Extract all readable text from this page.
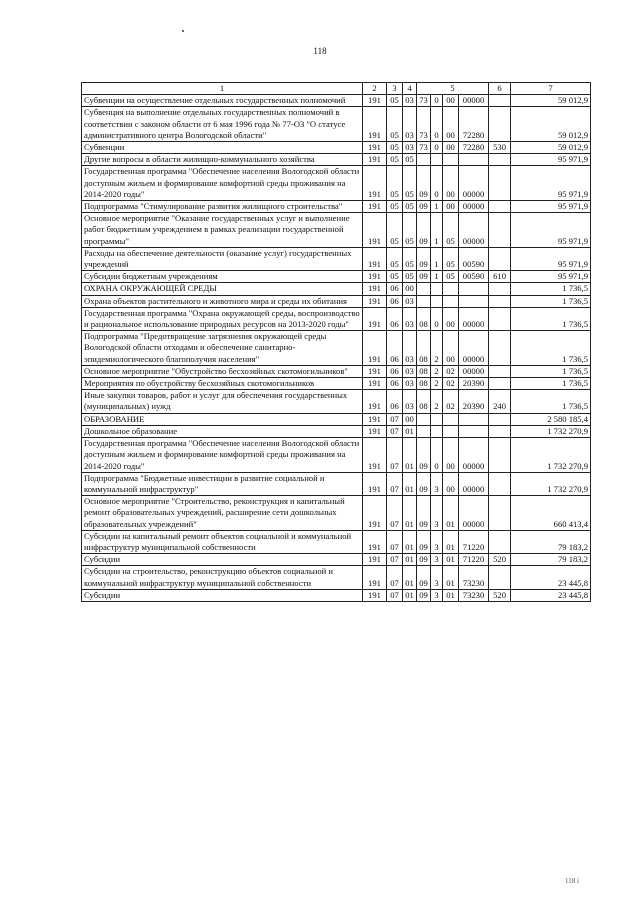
118
1	2	3	4	5				6	7
Субвенции на осуществление отдельных государственных полномочий	191	05	03	73	0	00	00000		59 012,9
Субвенция на выполнение отдельных государственных полномочий в соответствии с законом области от 6 мая 1996 года № 77-ОЗ "О статусе административного центра Вологодской области"	191	05	03	73	0	00	72280		59 012,9
Субвенции	191	05	03	73	0	00	72280	530	59 012,9
Другие вопросы в области жилищно-коммунального хозяйства	191	05	05						95 971,9
Государственная программа "Обеспечение населения Вологодской области доступным жильем и формирование комфортной среды проживания на 2014-2020 годы"	191	05	05	09	0	00	00000		95 971,9
Подпрограмма "Стимулирование развития жилищного строительства"	191	05	05	09	1	00	00000		95 971,9
Основное мероприятие "Оказание государственных услуг и выполнение работ бюджетным учреждением в рамках реализации государственной программы"	191	05	05	09	1	05	00000		95 971,9
Расходы на обеспечение деятельности (оказание услуг) государственных учреждений	191	05	05	09	1	05	00590		95 971,9
Субсидии бюджетным учреждениям	191	05	05	09	1	05	00590	610	95 971,9
ОХРАНА ОКРУЖАЮЩЕЙ СРЕДЫ	191	06	00						1 736,5
Охрана объектов растительного и животного мира и среды их обитания	191	06	03						1 736,5
Государственная программа "Охрана окружающей среды, воспроизводство и рациональное использование природных ресурсов на 2013-2020 годы"	191	06	03	08	0	00	00000		1 736,5
Подпрограмма "Предотвращение загрязнения окружающей среды Вологодской области отходами и обеспечение санитарно-эпидемиологического благополучия населения"	191	06	03	08	2	00	00000		1 736,5
Основное мероприятие "Обустройство бесхозяйных скотомогильников"	191	06	03	08	2	02	00000		1 736,5
Мероприятия по обустройству бесхозяйных скотомогильников	191	06	03	08	2	02	20390		1 736,5
Иные закупки товаров, работ и услуг для обеспечения государственных (муниципальных) нужд	191	06	03	08	2	02	20390	240	1 736,5
ОБРАЗОВАНИЕ	191	07	00						2 580 185,4
Дошкольное образование	191	07	01						1 732 270,9
Государственная программа "Обеспечение населения Вологодской области доступным жильем и формирование комфортной среды проживания на 2014-2020 годы"	191	07	01	09	0	00	00000		1 732 270,9
Подпрограмма "Бюджетные инвестиции в развитие социальной и коммунальной инфраструктур"	191	07	01	09	3	00	00000		1 732 270,9
Основное мероприятие "Строительство, реконструкция и капитальный ремонт образовательных учреждений, расширение сети дошкольных образовательных учреждений"	191	07	01	09	3	01	00000		660 413,4
Субсидии на капитальный ремонт объектов социальной и коммунальной инфраструктур муниципальной собственности	191	07	01	09	3	01	71220		79 183,2
Субсидии	191	07	01	09	3	01	71220	520	79 183,2
Субсидии на строительство, реконструкцию объектов социальной и коммунальной инфраструктур муниципальной собственности	191	07	01	09	3	01	73230		23 445,8
Субсидии	191	07	01	09	3	01	73230	520	23 445,8
118 i
